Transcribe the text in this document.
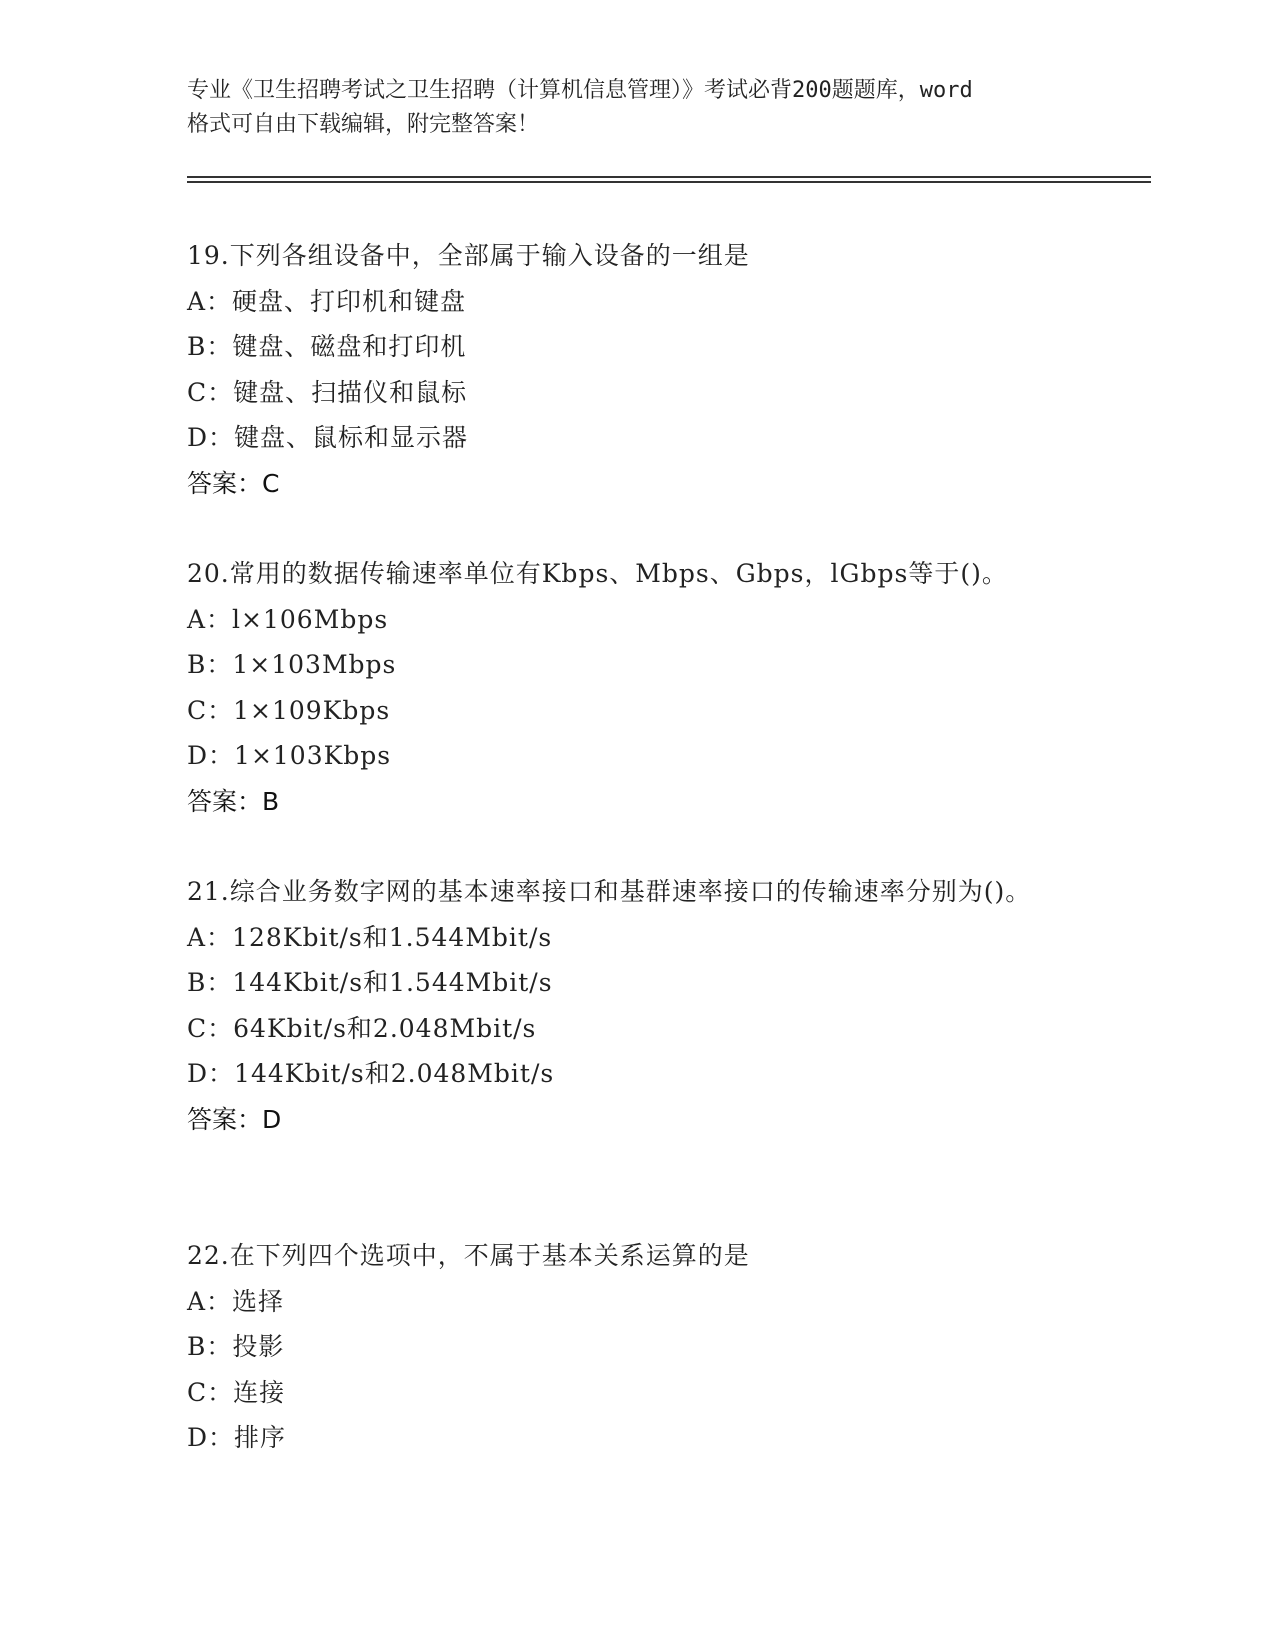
专业《卫生招聘考试之卫生招聘（计算机信息管理）》考试必背200题题库，word
格式可自由下载编辑，附完整答案！
19.下列各组设备中，全部属于输入设备的一组是
A：硬盘、打印机和键盘
B：键盘、磁盘和打印机
C：键盘、扫描仪和鼠标
D：键盘、鼠标和显示器
答案：C
20.常用的数据传输速率单位有Kbps、Mbps、Gbps，lGbps等于()。
A：l×106Mbps
B：1×103Mbps
C：1×109Kbps
D：1×103Kbps
答案：B
21.综合业务数字网的基本速率接口和基群速率接口的传输速率分别为()。
A：128Kbit/s和1.544Mbit/s
B：144Kbit/s和1.544Mbit/s
C：64Kbit/s和2.048Mbit/s
D：144Kbit/s和2.048Mbit/s
答案：D
22.在下列四个选项中，不属于基本关系运算的是
A：选择
B：投影
C：连接
D：排序
